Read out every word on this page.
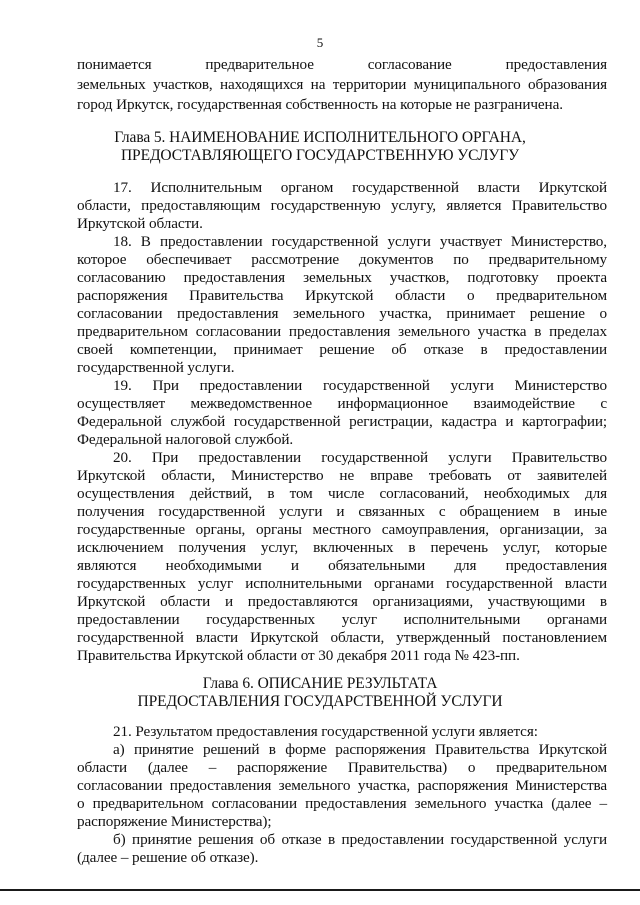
5
понимается предварительное согласование предоставления
земельных участков, находящихся на территории муниципального образования
город Иркутск, государственная собственность на которые не разграничена.
Глава 5. НАИМЕНОВАНИЕ ИСПОЛНИТЕЛЬНОГО ОРГАНА,
ПРЕДОСТАВЛЯЮЩЕГО ГОСУДАРСТВЕННУЮ УСЛУГУ
17. Исполнительным органом государственной власти Иркутской
области, предоставляющим государственную услугу, является Правительство
Иркутской области.
18. В предоставлении государственной услуги участвует Министерство,
которое обеспечивает рассмотрение документов по предварительному
согласованию предоставления земельных участков, подготовку проекта
распоряжения Правительства Иркутской области о предварительном
согласовании предоставления земельного участка, принимает решение о
предварительном согласовании предоставления земельного участка в пределах
своей компетенции, принимает решение об отказе в предоставлении
государственной услуги.
19. При предоставлении государственной услуги Министерство
осуществляет межведомственное информационное взаимодействие с
Федеральной службой государственной регистрации, кадастра и картографии;
Федеральной налоговой службой.
20. При предоставлении государственной услуги Правительство
Иркутской области, Министерство не вправе требовать от заявителей
осуществления действий, в том числе согласований, необходимых для
получения государственной услуги и связанных с обращением в иные
государственные органы, органы местного самоуправления, организации, за
исключением получения услуг, включенных в перечень услуг, которые
являются необходимыми и обязательными для предоставления
государственных услуг исполнительными органами государственной власти
Иркутской области и предоставляются организациями, участвующими в
предоставлении государственных услуг исполнительными органами
государственной власти Иркутской области, утвержденный постановлением
Правительства Иркутской области от 30 декабря 2011 года № 423-пп.
Глава 6. ОПИСАНИЕ РЕЗУЛЬТАТА
ПРЕДОСТАВЛЕНИЯ ГОСУДАРСТВЕННОЙ УСЛУГИ
21. Результатом предоставления государственной услуги является:
а) принятие решений в форме распоряжения Правительства Иркутской
области (далее – распоряжение Правительства) о предварительном
согласовании предоставления земельного участка, распоряжения Министерства
о предварительном согласовании предоставления земельного участка (далее –
распоряжение Министерства);
б) принятие решения об отказе в предоставлении государственной услуги
(далее – решение об отказе).
